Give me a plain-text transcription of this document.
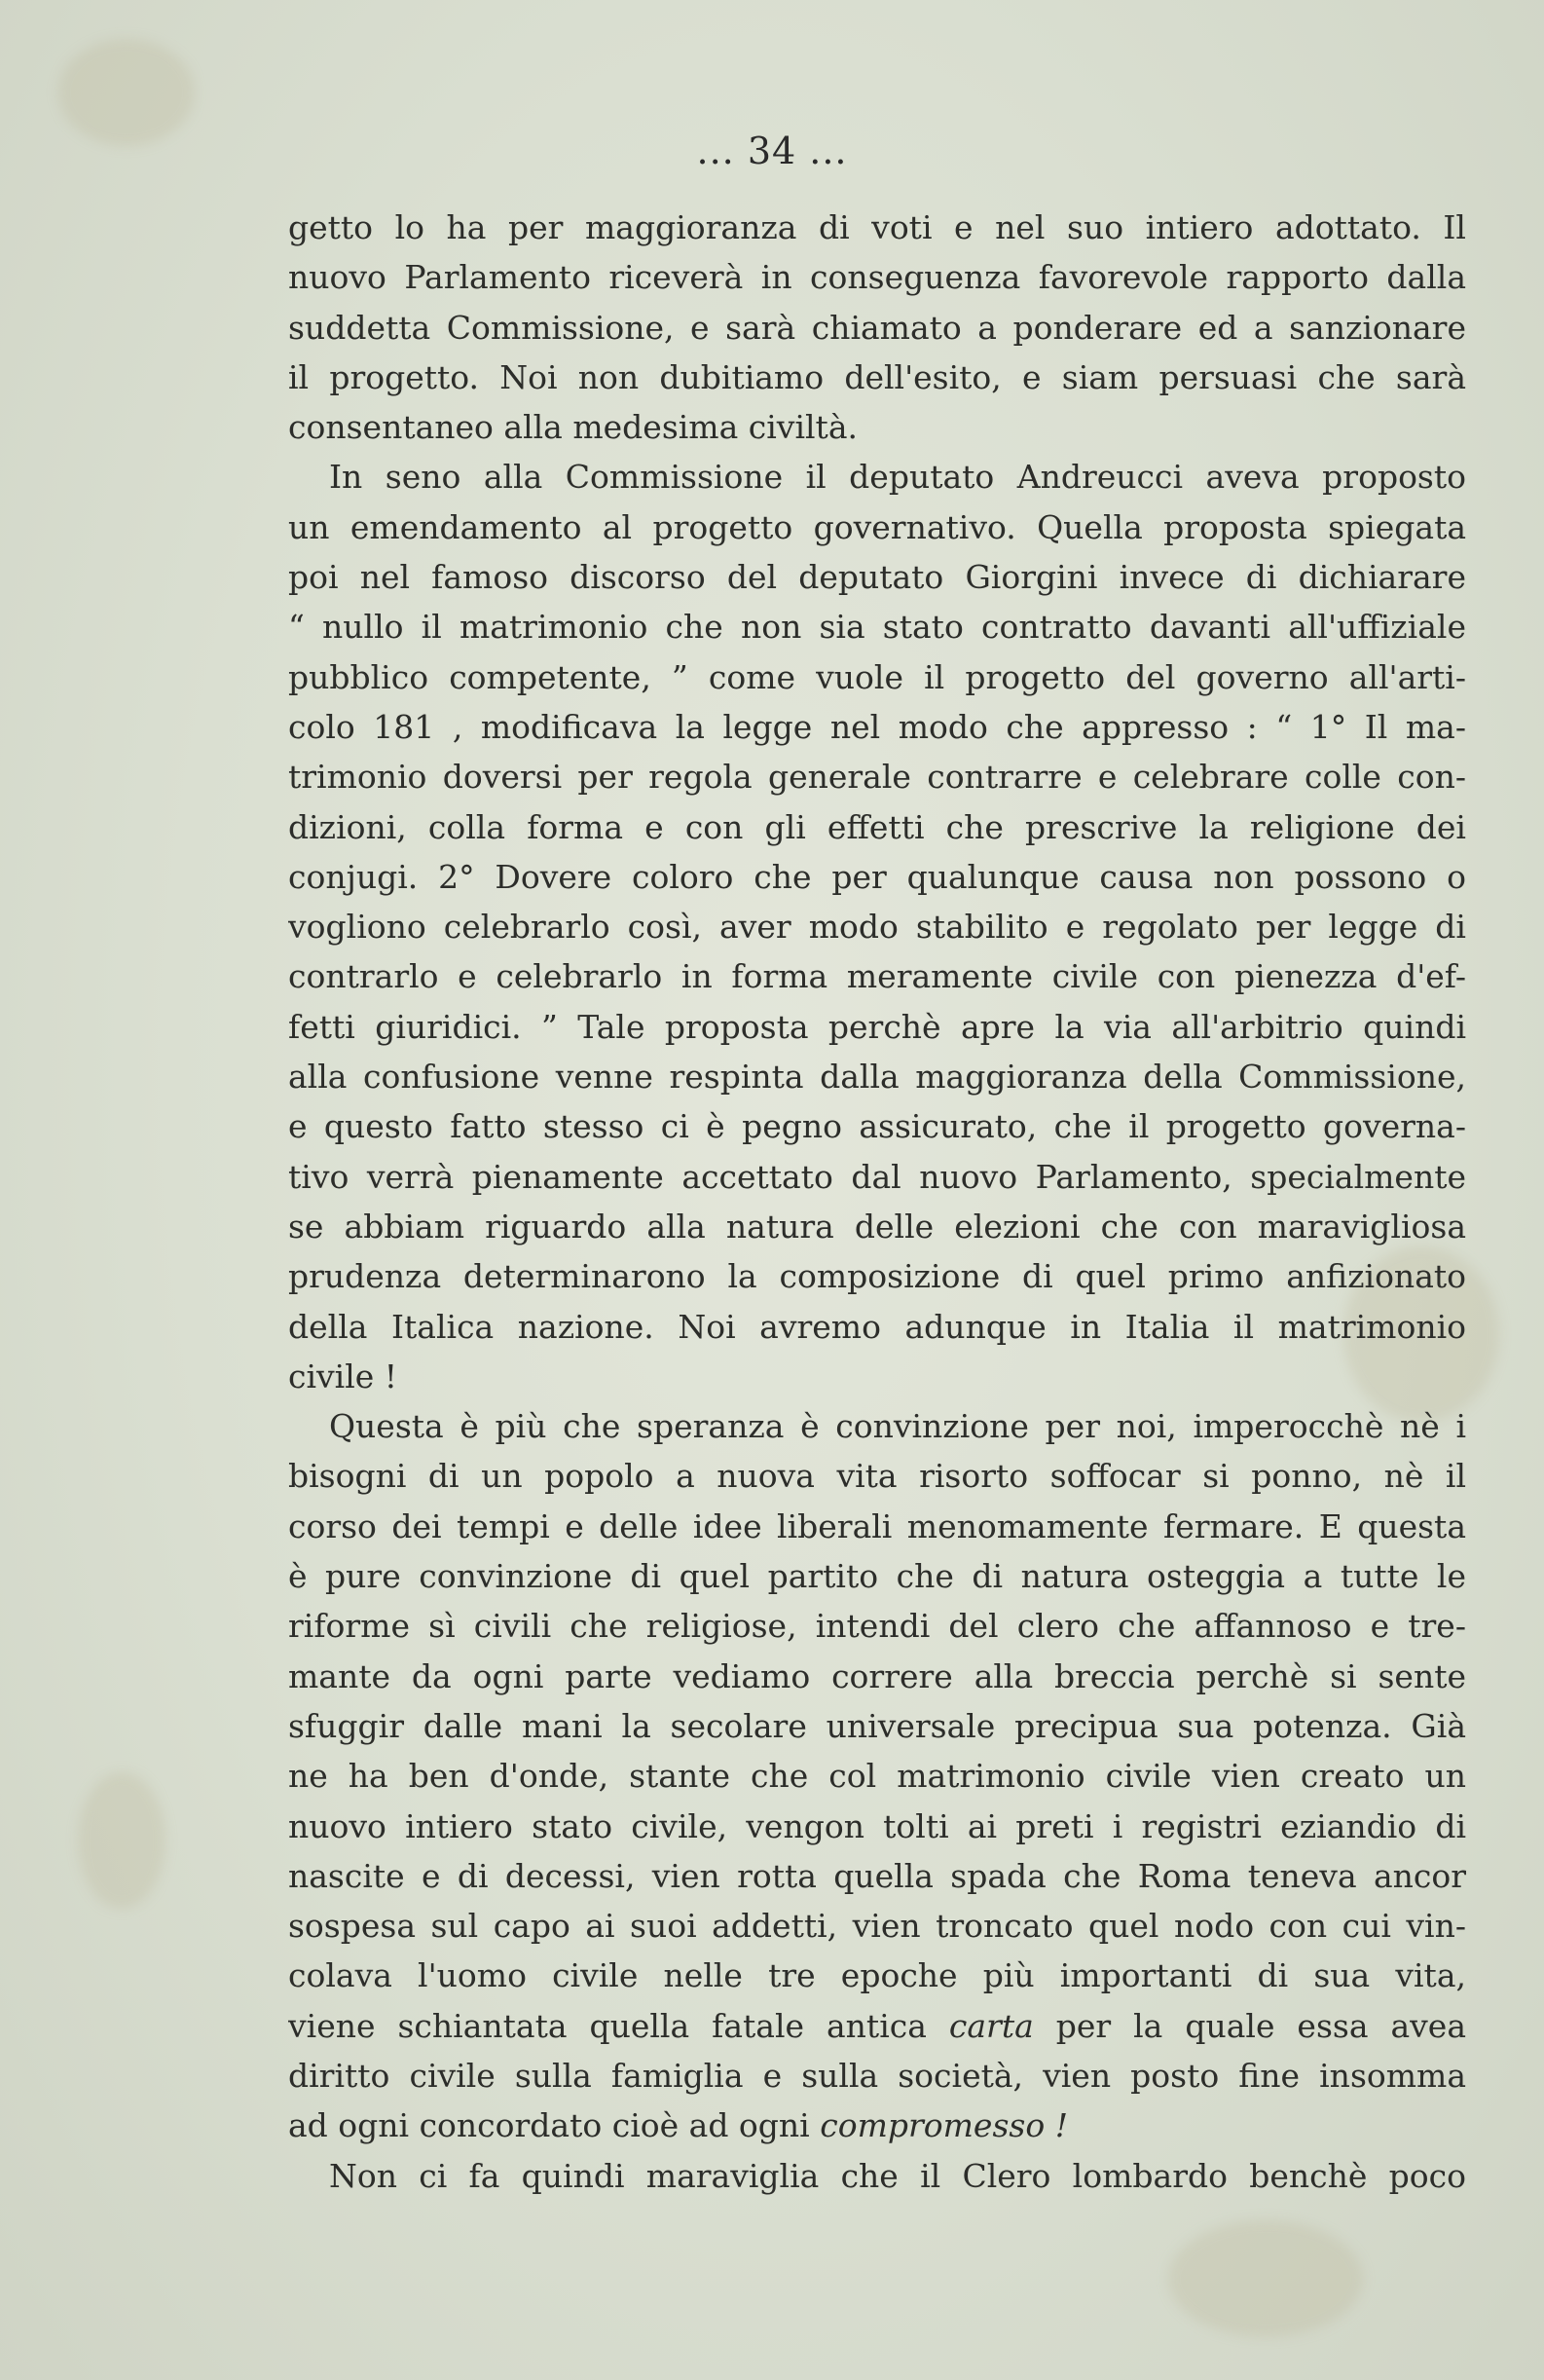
... 34 ...
getto lo ha per maggioranza di voti e nel suo intiero adottato. Il
nuovo Parlamento riceverà in conseguenza favorevole rapporto dalla
suddetta Commissione, e sarà chiamato a ponderare ed a sanzionare
il progetto. Noi non dubitiamo dell'esito, e siam persuasi che sarà
consentaneo alla medesima civiltà.
In seno alla Commissione il deputato Andreucci aveva proposto
un emendamento al progetto governativo. Quella proposta spiegata
poi nel famoso discorso del deputato Giorgini invece di dichiarare
“ nullo il matrimonio che non sia stato contratto davanti all'uffiziale
pubblico competente, ” come vuole il progetto del governo all'arti-
colo 181 , modificava la legge nel modo che appresso : “ 1° Il ma-
trimonio doversi per regola generale contrarre e celebrare colle con-
dizioni, colla forma e con gli effetti che prescrive la religione dei
conjugi. 2° Dovere coloro che per qualunque causa non possono o
vogliono celebrarlo così, aver modo stabilito e regolato per legge di
contrarlo e celebrarlo in forma meramente civile con pienezza d'ef-
fetti giuridici. ” Tale proposta perchè apre la via all'arbitrio quindi
alla confusione venne respinta dalla maggioranza della Commissione,
e questo fatto stesso ci è pegno assicurato, che il progetto governa-
tivo verrà pienamente accettato dal nuovo Parlamento, specialmente
se abbiam riguardo alla natura delle elezioni che con maravigliosa
prudenza determinarono la composizione di quel primo anfizionato
della Italica nazione. Noi avremo adunque in Italia il matrimonio
civile !
Questa è più che speranza è convinzione per noi, imperocchè nè i
bisogni di un popolo a nuova vita risorto soffocar si ponno, nè il
corso dei tempi e delle idee liberali menomamente fermare. E questa
è pure convinzione di quel partito che di natura osteggia a tutte le
riforme sì civili che religiose, intendi del clero che affannoso e tre-
mante da ogni parte vediamo correre alla breccia perchè si sente
sfuggir dalle mani la secolare universale precipua sua potenza. Già
ne ha ben d'onde, stante che col matrimonio civile vien creato un
nuovo intiero stato civile, vengon tolti ai preti i registri eziandio di
nascite e di decessi, vien rotta quella spada che Roma teneva ancor
sospesa sul capo ai suoi addetti, vien troncato quel nodo con cui vin-
colava l'uomo civile nelle tre epoche più importanti di sua vita,
viene schiantata quella fatale antica carta per la quale essa avea
diritto civile sulla famiglia e sulla società, vien posto fine insomma
ad ogni concordato cioè ad ogni compromesso !
Non ci fa quindi maraviglia che il Clero lombardo benchè poco
